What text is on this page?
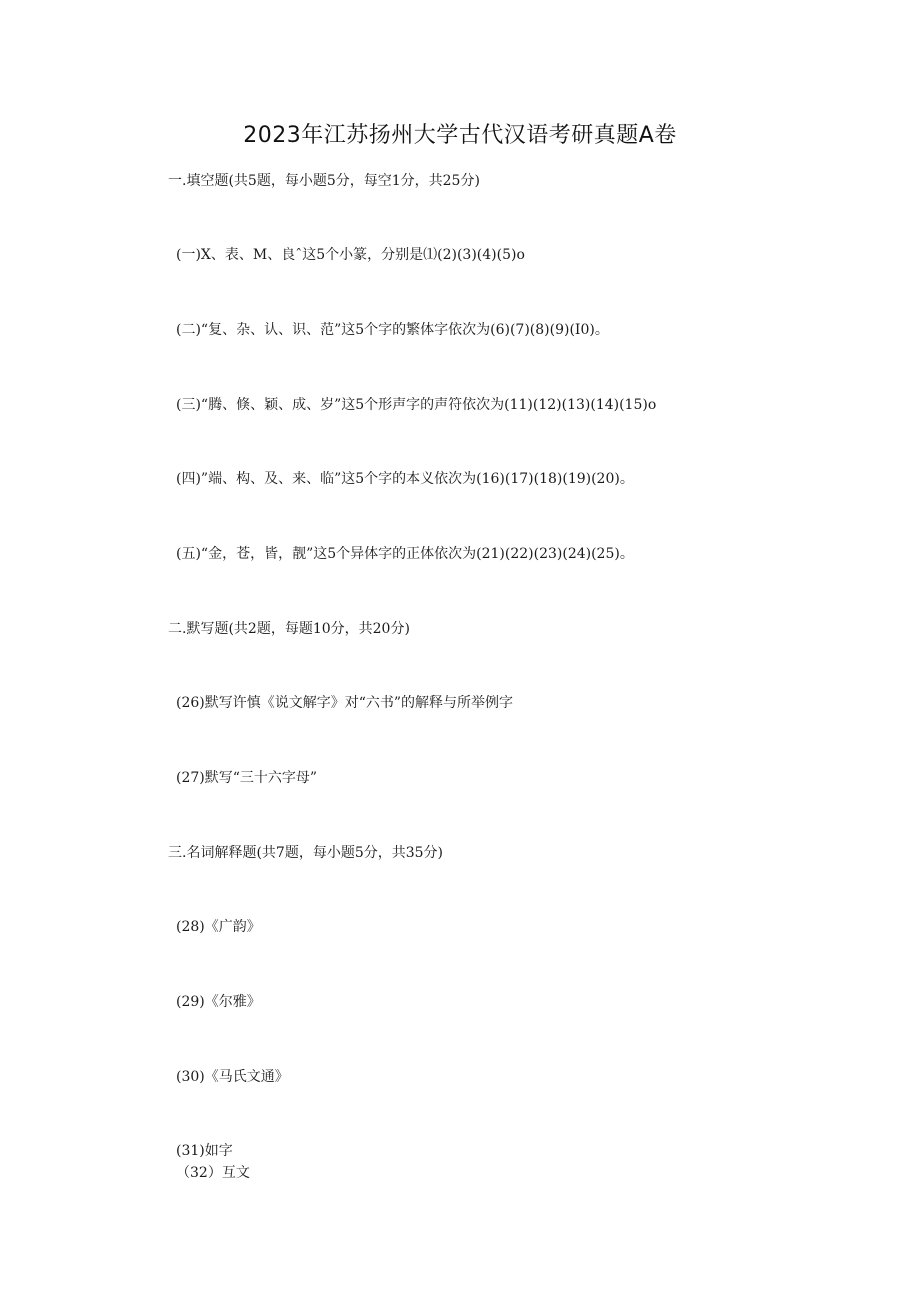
2023年江苏扬州大学古代汉语考研真题A卷
一.填空题(共5题，每小题5分，每空1分，共25分)
(一)X、表、M、良ˆ这5个小篆，分别是⑴(2)(3)(4)(5)o
(二)“复、杂、认、识、范”这5个字的繁体字依次为(6)(7)(8)(9)(I0)。
(三)“腾、倏、颖、成、岁”这5个形声字的声符依次为(11)(12)(13)(14)(15)o
(四)”端、构、及、来、临”这5个字的本义依次为(16)(17)(18)(19)(20)。
(五)“金，苍，皆，靓”这5个异体字的正体依次为(21)(22)(23)(24)(25)。
二.默写题(共2题，每题10分，共20分)
(26)默写许慎《说文解字》对“六书”的解释与所举例字
(27)默写“三十六字母”
三.名词解释题(共7题，每小题5分，共35分)
(28)《广韵》
(29)《尔雅》
(30)《马氏文通》
(31)如字
（32）互文
